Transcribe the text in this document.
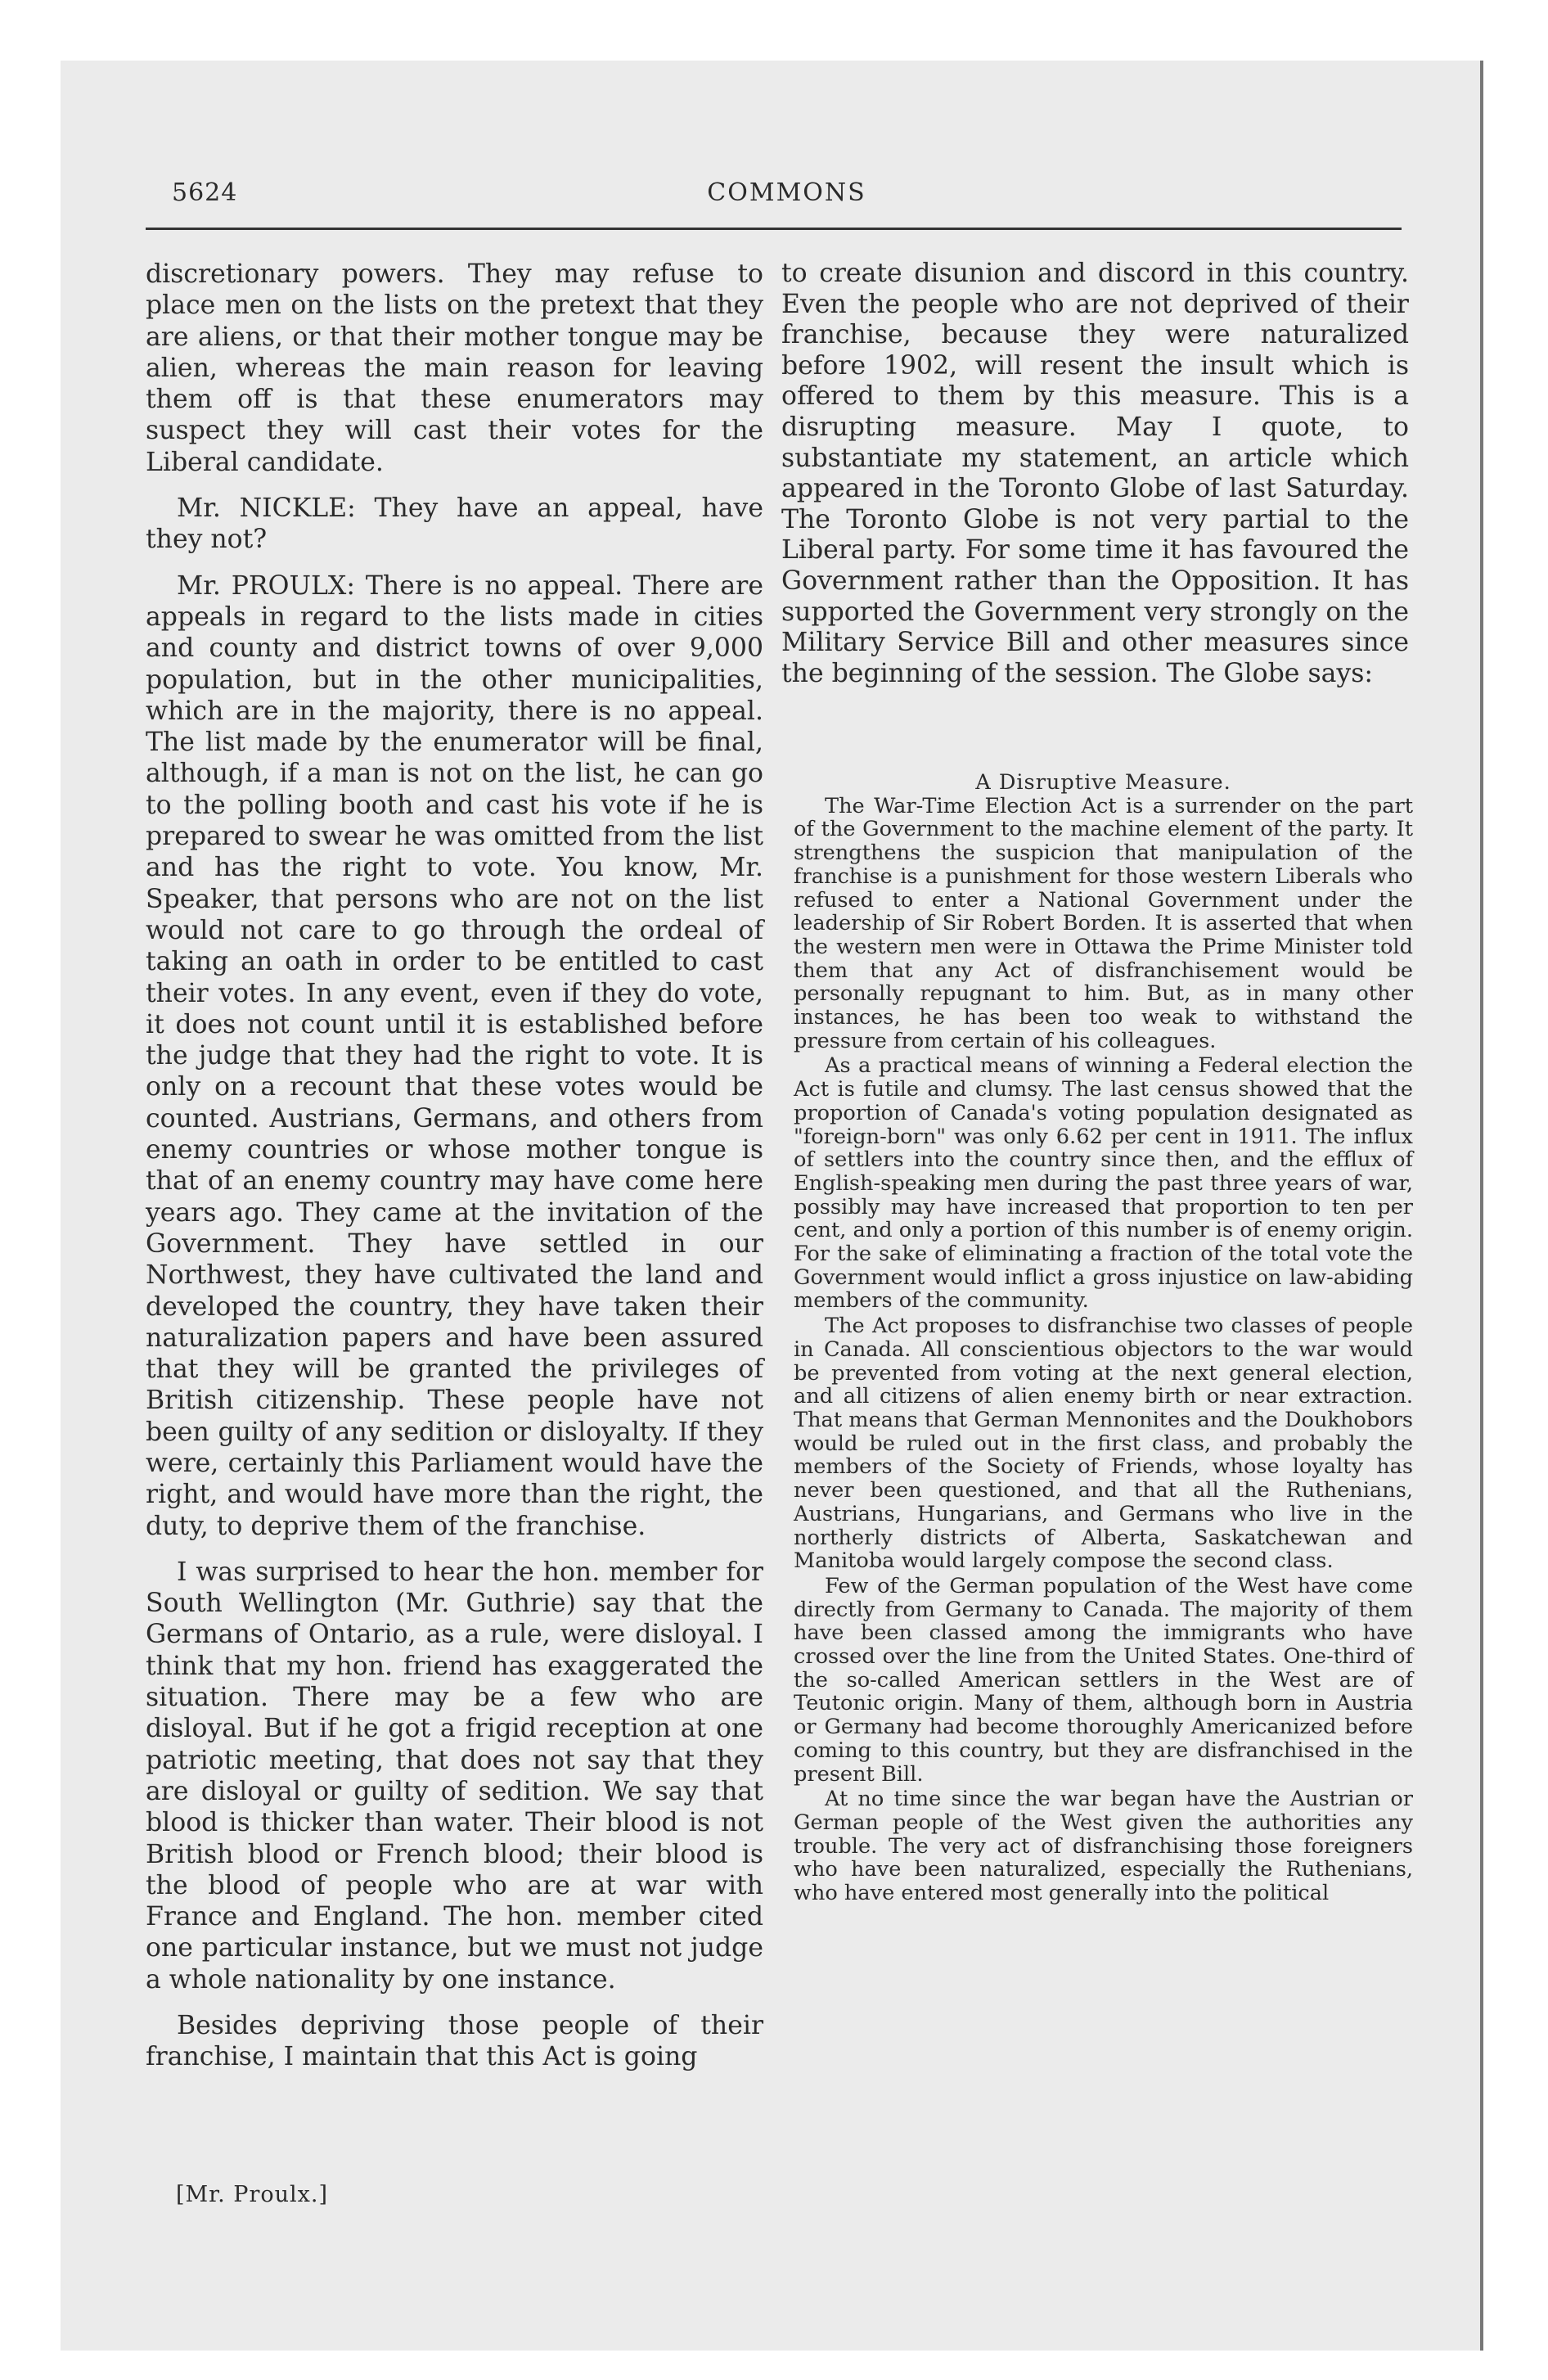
5624	COMMONS

discretionary powers. They may refuse to place men on the lists on the pretext that they are aliens, or that their mother tongue may be alien, whereas the main reason for leaving them off is that these enumerators may suspect they will cast their votes for the Liberal candidate.

Mr. NICKLE: They have an appeal, have they not?

Mr. PROULX: There is no appeal. There are appeals in regard to the lists made in cities and county and district towns of over 9,000 population, but in the other municipalities, which are in the majority, there is no appeal. The list made by the enumerator will be final, although, if a man is not on the list, he can go to the polling booth and cast his vote if he is prepared to swear he was omitted from the list and has the right to vote. You know, Mr. Speaker, that persons who are not on the list would not care to go through the ordeal of taking an oath in order to be entitled to cast their votes. In any event, even if they do vote, it does not count until it is established before the judge that they had the right to vote. It is only on a recount that these votes would be counted. Austrians, Germans, and others from enemy countries or whose mother tongue is that of an enemy country may have come here years ago. They came at the invitation of the Government. They have settled in our Northwest, they have cultivated the land and developed the country, they have taken their naturalization papers and have been assured that they will be granted the privileges of British citizenship. These people have not been guilty of any sedition or disloyalty. If they were, certainly this Parliament would have the right, and would have more than the right, the duty, to deprive them of the franchise.

I was surprised to hear the hon. member for South Wellington (Mr. Guthrie) say that the Germans of Ontario, as a rule, were disloyal. I think that my hon. friend has exaggerated the situation. There may be a few who are disloyal. But if he got a frigid reception at one patriotic meeting, that does not say that they are disloyal or guilty of sedition. We say that blood is thicker than water. Their blood is not British blood or French blood; their blood is the blood of people who are at war with France and England. The hon. member cited one particular instance, but we must not judge a whole nationality by one instance.

Besides depriving those people of their franchise, I maintain that this Act is going

to create disunion and discord in this country. Even the people who are not deprived of their franchise, because they were naturalized before 1902, will resent the insult which is offered to them by this measure. This is a disrupting measure. May I quote, to substantiate my statement, an article which appeared in the Toronto Globe of last Saturday. The Toronto Globe is not very partial to the Liberal party. For some time it has favoured the Government rather than the Opposition. It has supported the Government very strongly on the Military Service Bill and other measures since the beginning of the session. The Globe says:

A Disruptive Measure.

The War-Time Election Act is a surrender on the part of the Government to the machine element of the party. It strengthens the suspicion that manipulation of the franchise is a punishment for those western Liberals who refused to enter a National Government under the leadership of Sir Robert Borden. It is asserted that when the western men were in Ottawa the Prime Minister told them that any Act of disfranchisement would be personally repugnant to him. But, as in many other instances, he has been too weak to withstand the pressure from certain of his colleagues.

As a practical means of winning a Federal election the Act is futile and clumsy. The last census showed that the proportion of Canada's voting population designated as "foreign-born" was only 6.62 per cent in 1911. The influx of settlers into the country since then, and the efflux of English-speaking men during the past three years of war, possibly may have increased that proportion to ten per cent, and only a portion of this number is of enemy origin. For the sake of eliminating a fraction of the total vote the Government would inflict a gross injustice on law-abiding members of the community.

The Act proposes to disfranchise two classes of people in Canada. All conscientious objectors to the war would be prevented from voting at the next general election, and all citizens of alien enemy birth or near extraction. That means that German Mennonites and the Doukhobors would be ruled out in the first class, and probably the members of the Society of Friends, whose loyalty has never been questioned, and that all the Ruthenians, Austrians, Hungarians, and Germans who live in the northerly districts of Alberta, Saskatchewan and Manitoba would largely compose the second class.

Few of the German population of the West have come directly from Germany to Canada. The majority of them have been classed among the immigrants who have crossed over the line from the United States. One-third of the so-called American settlers in the West are of Teutonic origin. Many of them, although born in Austria or Germany had become thoroughly Americanized before coming to this country, but they are disfranchised in the present Bill.

At no time since the war began have the Austrian or German people of the West given the authorities any trouble. The very act of disfranchising those foreigners who have been naturalized, especially the Ruthenians, who have entered most generally into the political

[Mr. Proulx.]
